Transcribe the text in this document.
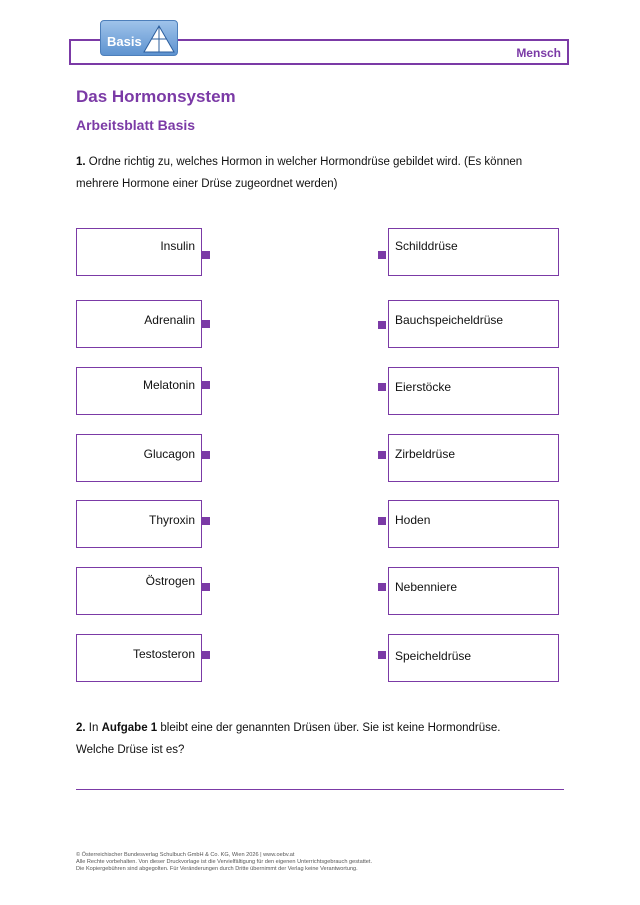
Mensch
Basis
Das Hormonsystem
Arbeitsblatt Basis
1. Ordne richtig zu, welches Hormon in welcher Hormondrüse gebildet wird. (Es können
mehrere Hormone einer Drüse zugeordnet werden)
Insulin
Adrenalin
Melatonin
Glucagon
Thyroxin
Östrogen
Testosteron
Schilddrüse
Bauchspeicheldrüse
Eierstöcke
Zirbeldrüse
Hoden
Nebenniere
Speicheldrüse
2. In Aufgabe 1 bleibt eine der genannten Drüsen über. Sie ist keine Hormondrüse.
Welche Drüse ist es?
© Österreichischer Bundesverlag Schulbuch GmbH & Co. KG, Wien 2026 | www.oebv.at
Alle Rechte vorbehalten. Von dieser Druckvorlage ist die Vervielfältigung für den eigenen Unterrichtsgebrauch gestattet.
Die Kopiergebühren sind abgegolten. Für Veränderungen durch Dritte übernimmt der Verlag keine Verantwortung.
